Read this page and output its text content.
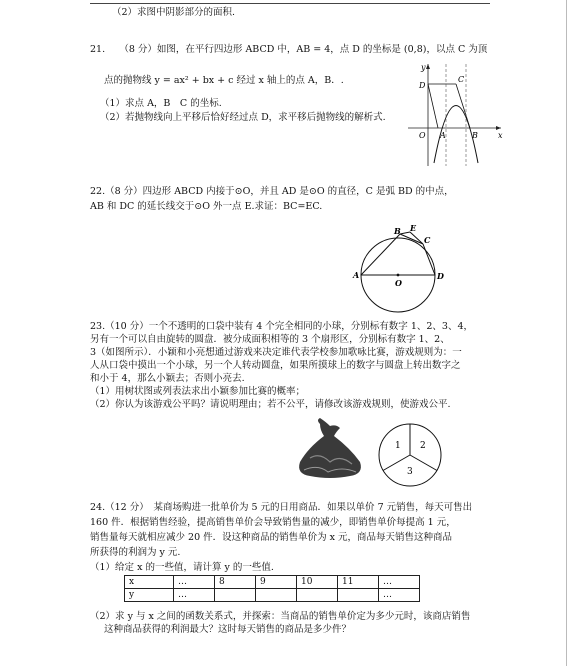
（2）求图中阴影部分的面积.
21.　　（8 分）如图，在平行四边形 ABCD 中，AB = 4，点 D 的坐标是 (0,8)，以点 C 为顶
点的抛物线 y = ax² + bx + c 经过 x 轴上的点 A，B．.
（1）求点 A，B　C 的坐标.
（2）若抛物线向上平移后恰好经过点 D，求平移后抛物线的解析式.
y
D
C
O A	B	x
22.（8 分）四边形 ABCD 内接于⊙O，并且 AD 是⊙O 的直径，C 是弧 BD 的中点，
AB 和 DC 的延长线交于⊙O 外一点 E.求证：BC=EC.
A
B E
C
D
O
23.（10 分）一个不透明的口袋中装有 4 个完全相同的小球，分别标有数字 1、2、3、4，
另有一个可以自由旋转的圆盘．被分成面积相等的 3 个扇形区，分别标有数字 1、2、
3（如图所示）．小颖和小亮想通过游戏来决定谁代表学校参加歌咏比赛，游戏规则为：一
人从口袋中摸出一个小球，另一个人转动圆盘，如果所摸球上的数字与圆盘上转出数字之
和小于 4，那么小颖去；否则小亮去.
（1）用树状图或列表法求出小颖参加比赛的概率；
（2）你认为该游戏公平吗？请说明理由；若不公平，请修改该游戏规则，使游戏公平.
1 2
3
24.（12 分）　某商场购进一批单价为 5 元的日用商品．如果以单价 7 元销售，每天可售出
160 件．根据销售经验，提高销售单价会导致销售量的减少，即销售单价每提高 1 元，
销售量每天就相应减少 20 件．设这种商品的销售单价为 x 元，商品每天销售这种商品
所获得的利润为 y 元.
（1）给定 x 的一些值，请计算 y 的一些值.
x	…	8	9	10	11	…
y	…					…
（2）求 y 与 x 之间的函数关系式，并探索：当商品的销售单价定为多少元时，该商店销售
这种商品获得的利润最大？这时每天销售的商品是多少件？
